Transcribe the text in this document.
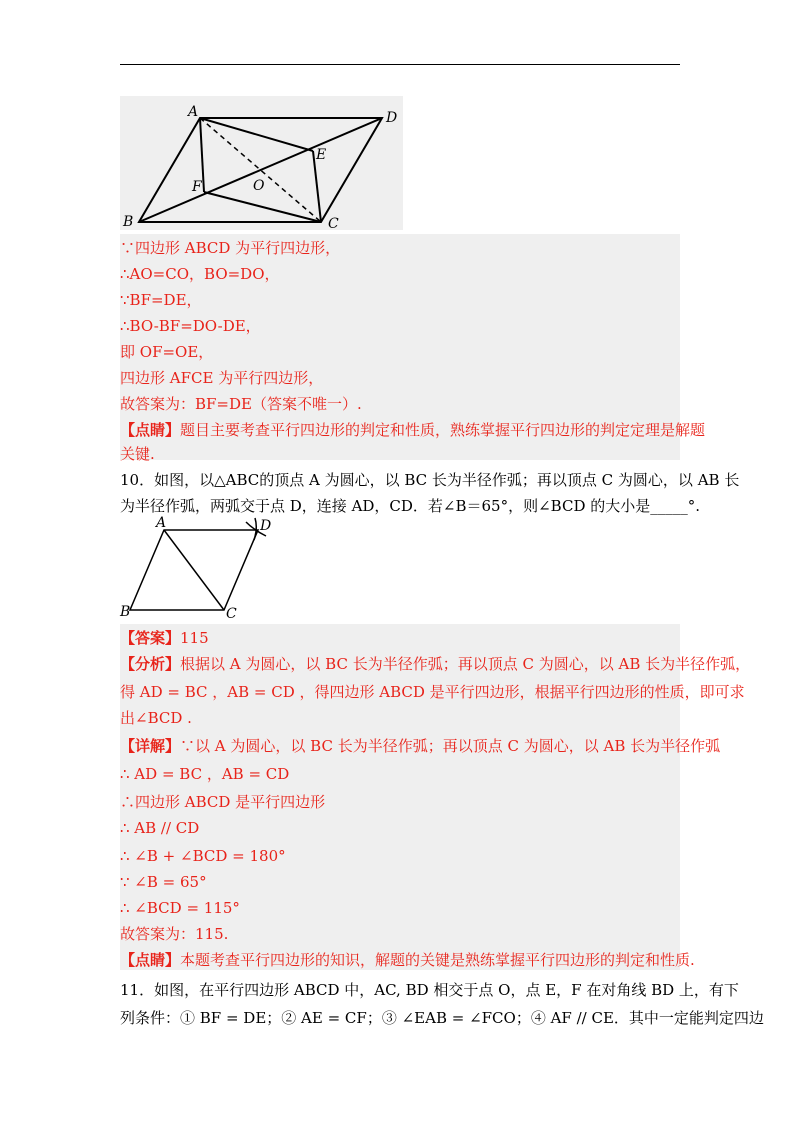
A
B	C
D
E
F	O
∵四边形 ABCD 为平行四边形，
∴AO=CO，BO=DO，
∵BF=DE，
∴BO-BF=DO-DE，
即 OF=OE，
四边形 AFCE 为平行四边形，
故答案为：BF=DE（答案不唯一）.
【点睛】题目主要考查平行四边形的判定和性质，熟练掌握平行四边形的判定定理是解题
关键.
10．如图，以△ABC的顶点 A 为圆心，以 BC 长为半径作弧；再以顶点 C 为圆心，以 AB 长
为半径作弧，两弧交于点 D，连接 AD，CD．若∠B＝65°，则∠BCD 的大小是_____°.
A
B	C
D
【答案】115
【分析】根据以 A 为圆心，以 BC 长为半径作弧；再以顶点 C 为圆心，以 AB 长为半径作弧，
得 AD = BC ，AB = CD ，得四边形 ABCD 是平行四边形，根据平行四边形的性质，即可求
出∠BCD .
【详解】∵以 A 为圆心，以 BC 长为半径作弧；再以顶点 C 为圆心，以 AB 长为半径作弧
∴ AD = BC ，AB = CD
∴四边形 ABCD 是平行四边形
∴ AB // CD
∴ ∠B + ∠BCD = 180°
∵ ∠B = 65°
∴ ∠BCD = 115°
故答案为：115.
【点睛】本题考查平行四边形的知识，解题的关键是熟练掌握平行四边形的判定和性质.
11．如图，在平行四边形 ABCD 中，AC, BD 相交于点 O，点 E，F 在对角线 BD 上，有下
列条件：① BF = DE；② AE = CF；③ ∠EAB = ∠FCO；④ AF // CE．其中一定能判定四边
